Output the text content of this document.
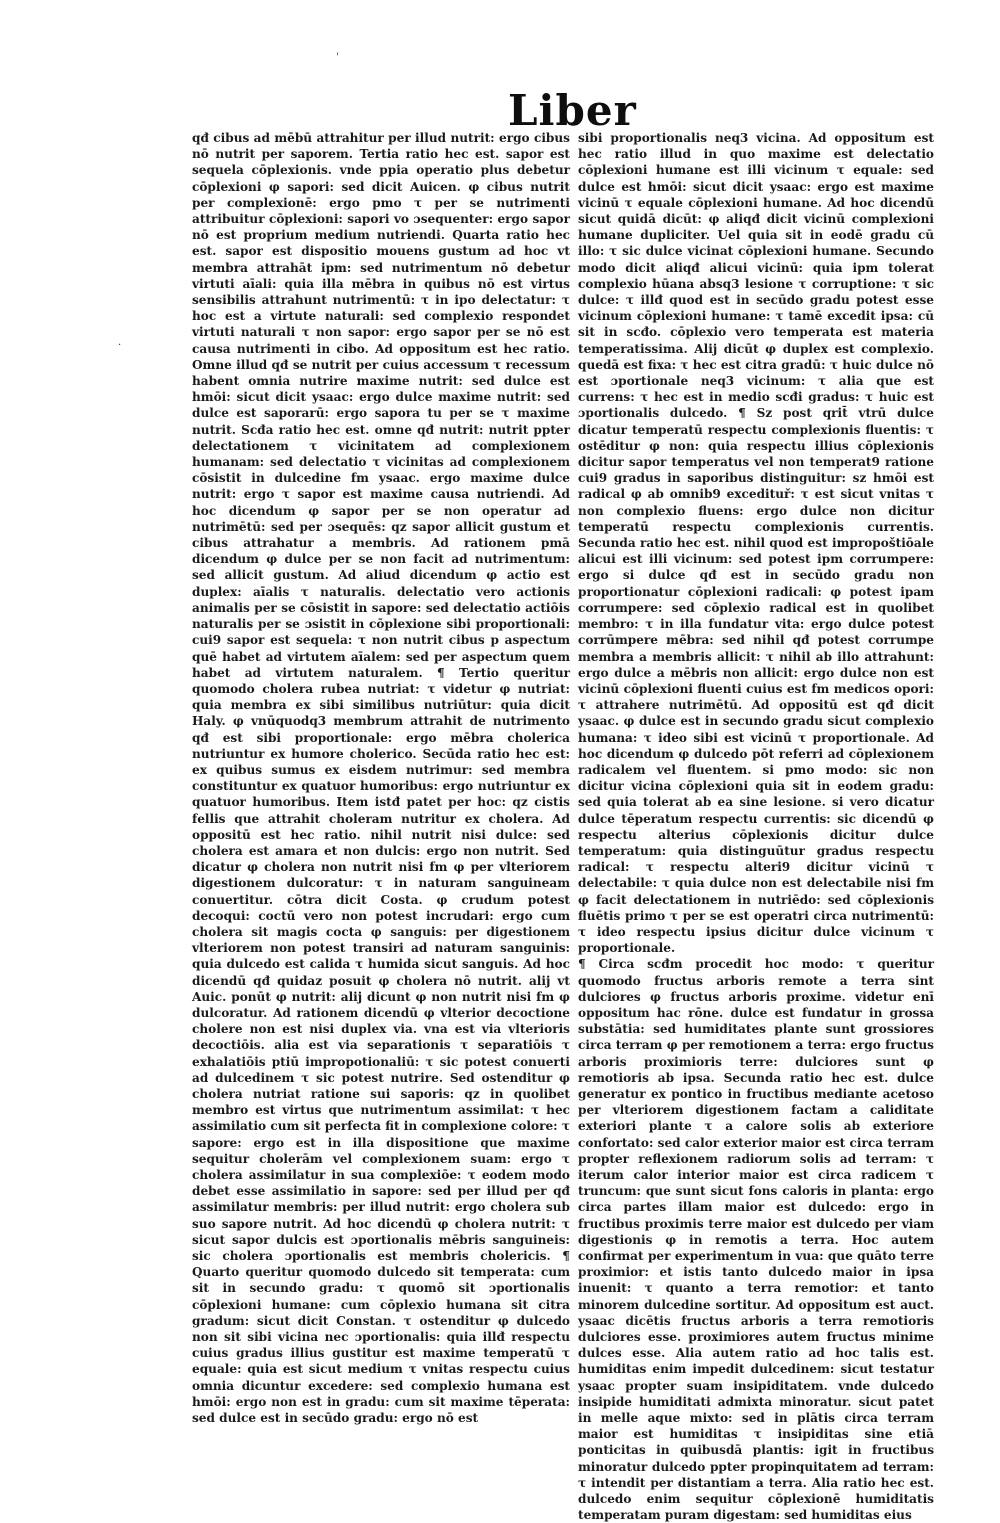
'
·
Liber

qđ cibus ad mēbū attrahitur per illud nutrit: ergo cibus nō nutrit per saporem. Tertia ratio hec est. sapor est sequela cōplexionis. vnde ppia operatio plus debetur cōplexioni φ sapori: sed dicit Auicen. φ cibus nutrit per complexionē: ergo pmo τ per se nutrimenti attribuitur cōplexioni: sapori vo ɔsequenter: ergo sapor nō est proprium medium nutriendi. Quarta ratio hec est. sapor est dispositio mouens gustum ad hoc vt membra attrahāt ipm: sed nutrimentum nō debetur virtuti aīali: quia illa mēbra in quibus nō est virtus sensibilis attrahunt nutrimentū: τ in ipo delectatur: τ hoc est a virtute naturali: sed complexio respondet virtuti naturali τ non sapor: ergo sapor per se nō est causa nutrimenti in cibo. Ad oppositum est hec ratio. Omne illud qđ se nutrit per cuius accessum τ recessum habent omnia nutrire maxime nutrit: sed dulce est hmōi: sicut dicit ysaac: ergo dulce maxime nutrit: sed dulce est saporarū: ergo sapora tu per se τ maxime nutrit. Scđa ratio hec est. omne qđ nutrit: nutrit ppter delectationem τ vicinitatem ad complexionem humanam: sed delectatio τ vicinitas ad complexionem cōsistit in dulcedine fm ysaac. ergo maxime dulce nutrit: ergo τ sapor est maxime causa nutriendi. Ad hoc dicendum φ sapor per se non operatur ad nutrimētū: sed per ɔsequēs: qz sapor allicit gustum et cibus attrahatur a membris. Ad rationem pmā dicendum φ dulce per se non facit ad nutrimentum: sed allicit gustum. Ad aliud dicendum φ actio est duplex: aīalis τ naturalis. delectatio vero actionis animalis per se cōsistit in sapore: sed delectatio actiōis naturalis per se ɔsistit in cōplexione sibi proportionali: cui9 sapor est sequela: τ non nutrit cibus p aspectum quē habet ad virtutem aīalem: sed per aspectum quem habet ad virtutem naturalem. ¶ Tertio queritur quomodo cholera rubea nutriat: τ videtur φ nutriat: quia membra ex sibi similibus nutriūtur: quia dicit Haly. φ vnūquodq3 membrum attrahit de nutrimento qđ est sibi proportionale: ergo mēbra cholerica nutriuntur ex humore cholerico. Secūda ratio hec est: ex quibus sumus ex eisdem nutrimur: sed membra constituntur ex quatuor humoribus: ergo nutriuntur ex quatuor humoribus. Item istđ patet per hoc: qz cistis fellis que attrahit choleram nutritur ex cholera. Ad oppositū est hec ratio. nihil nutrit nisi dulce: sed cholera est amara et non dulcis: ergo non nutrit. Sed dicatur φ cholera non nutrit nisi fm φ per vlteriorem digestionem dulcoratur: τ in naturam sanguineam conuertitur. cōtra dicit Costa. φ crudum potest decoqui: coctū vero non potest incrudari: ergo cum cholera sit magis cocta φ sanguis: per digestionem vlteriorem non potest transiri ad naturam sanguinis: quia dulcedo est calida τ humida sicut sanguis. Ad hoc dicendū qđ quidaz posuit φ cholera nō nutrit. alij vt Auic. ponūt φ nutrit: alij dicunt φ non nutrit nisi fm φ dulcoratur. Ad rationem dicendū φ vlterior decoctione cholere non est nisi duplex via. vna est via vlterioris decoctiōis. alia est via separationis τ separatiōis τ exhalatiōis ptiū impropotionaliū: τ sic potest conuerti ad dulcedinem τ sic potest nutrire. Sed ostenditur φ cholera nutriat ratione sui saporis: qz in quolibet membro est virtus que nutrimentum assimilat: τ hec assimilatio cum sit perfecta fit in complexione colore: τ sapore: ergo est in illa dispositione que maxime sequitur cholerām vel complexionem suam: ergo τ cholera assimilatur in sua complexiōe: τ eodem modo debet esse assimilatio in sapore: sed per illud per qđ assimilatur membris: per illud nutrit: ergo cholera sub suo sapore nutrit. Ad hoc dicendū φ cholera nutrit: τ sicut sapor dulcis est ɔportionalis mēbris sanguineis: sic cholera ɔportionalis est membris cholericis. ¶ Quarto queritur quomodo dulcedo sit temperata: cum sit in secundo gradu: τ quomō sit ɔportionalis cōplexioni humane: cum cōplexio humana sit citra gradum: sicut dicit Constan. τ ostenditur φ dulcedo non sit sibi vicina nec ɔportionalis: quia illđ respectu cuius gradus illius gustitur est maxime temperatū τ equale: quia est sicut medium τ vnitas respectu cuius omnia dicuntur excedere: sed complexio humana est hmōi: ergo non est in gradu: cum sit maxime tēperata: sed dulce est in secūdo gradu: ergo nō est

sibi proportionalis neq3 vicina. Ad oppositum est hec ratio illud in quo maxime est delectatio cōplexioni humane est illi vicinum τ equale: sed dulce est hmōi: sicut dicit ysaac: ergo est maxime vicinū τ equale cōplexioni humane. Ad hoc dicendū sicut quidā dicūt: φ aliqđ dicit vicinū complexioni humane dupliciter. Uel quia sit in eodē gradu cū illo: τ sic dulce vicinat cōplexioni humane. Secundo modo dicit aliqđ alicui vicinū: quia ipm tolerat complexio hūana absq3 lesione τ corruptione: τ sic dulce: τ illđ quod est in secūdo gradu potest esse vicinum cōplexioni humane: τ tamē excedit ipsa: cū sit in scđo. cōplexio vero temperata est materia temperatissima. Alij dicūt φ duplex est complexio. quedā est fixa: τ hec est citra gradū: τ huic dulce nō est ɔportionale neq3 vicinum: τ alia que est currens: τ hec est in medio scđi gradus: τ huic est ɔportionalis dulcedo. ¶ Sz post qrit̄ vtrū dulce dicatur temperatū respectu complexionis fluentis: τ ostēditur φ non: quia respectu illius cōplexionis dicitur sapor temperatus vel non temperat9 ratione cui9 gradus in saporibus distinguitur: sz hmōi est radical φ ab omnib9 excedituř: τ est sicut vnitas τ non complexio fluens: ergo dulce non dicitur temperatū respectu complexionis currentis. Secunda ratio hec est. nihil quod est impropoštiōale alicui est illi vicinum: sed potest ipm corrumpere: ergo si dulce qđ est in secūdo gradu non proportionatur cōplexioni radicali: φ potest ipam corrumpere: sed cōplexio radical est in quolibet membro: τ in illa fundatur vita: ergo dulce potest corrūmpere mēbra: sed nihil qđ potest corrumpe membra a membris allicit: τ nihil ab illo attrahunt: ergo dulce a mēbris non allicit: ergo dulce non est vicinū cōplexioni fluenti cuius est fm medicos opori: τ attrahere nutrimētū. Ad oppositū est qđ dicit ysaac. φ dulce est in secundo gradu sicut complexio humana: τ ideo sibi est vicinū τ proportionale. Ad hoc dicendum φ dulcedo pōt referri ad cōplexionem radicalem vel fluentem. si pmo modo: sic non dicitur vicina cōplexioni quia sit in eodem gradu: sed quia tolerat ab ea sine lesione. si vero dicatur dulce tēperatum respectu currentis: sic dicendū φ respectu alterius cōplexionis dicitur dulce temperatum: quia distinguūtur gradus respectu radical: τ respectu alteri9 dicitur vicinū τ delectabile: τ quia dulce non est delectabile nisi fm φ facit delectationem in nutriēdo: sed cōplexionis fluētis primo τ per se est operatri circa nutrimentū: τ ideo respectu ipsius dicitur dulce vicinum τ proportionale.

¶ Circa scđm procedit hoc modo: τ queritur quomodo fructus arboris remote a terra sint dulciores φ fructus arboris proxime. videtur enī oppositum hac rōne. dulce est fundatur in grossa substātia: sed humiditates plante sunt grossiores circa terram φ per remotionem a terra: ergo fructus arboris proximioris terre: dulciores sunt φ remotioris ab ipsa. Secunda ratio hec est. dulce generatur ex pontico in fructibus mediante acetoso per vlteriorem digestionem factam a caliditate exteriori plante τ a calore solis ab exteriore confortato: sed calor exterior maior est circa terram propter reflexionem radiorum solis ad terram: τ iterum calor interior maior est circa radicem τ truncum: que sunt sicut fons caloris in planta: ergo circa partes illam maior est dulcedo: ergo in fructibus proximis terre maior est dulcedo per viam digestionis φ in remotis a terra. Hoc autem confirmat per experimentum in vua: que quāto terre proximior: et istis tanto dulcedo maior in ipsa inuenit: τ quanto a terra remotior: et tanto minorem dulcedine sortitur. Ad oppositum est auct. ysaac dicētis fructus arboris a terra remotioris dulciores esse. proximiores autem fructus minime dulces esse. Alia autem ratio ad hoc talis est. humiditas enim impedit dulcedinem: sicut testatur ysaac propter suam insipiditatem. vnde dulcedo insipide humiditati admixta minoratur. sicut patet in melle aque mixto: sed in plātis circa terram maior est humiditas τ insipiditas sine etiā ponticitas in quibusdā plantis: igit in fructibus minoratur dulcedo ppter propinquitatem ad terram: τ intendit per distantiam a terra. Alia ratio hec est. dulcedo enim sequitur cōplexionē humiditatis temperatam puram digestam: sed humiditas eius
